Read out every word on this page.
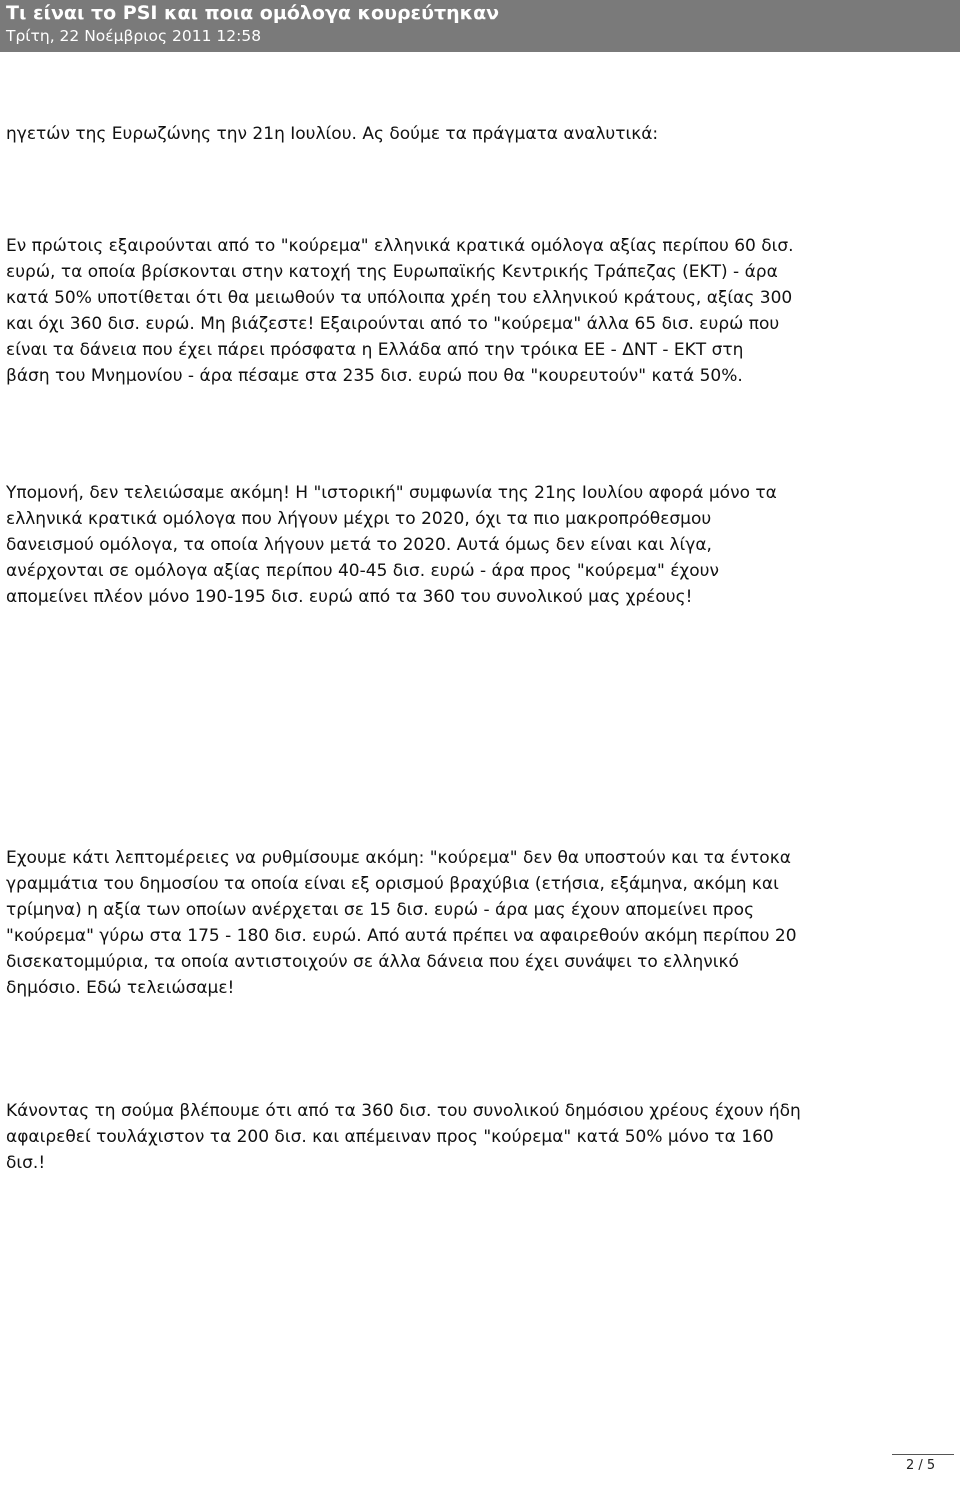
Τι είναι το PSI και ποια ομόλογα κουρεύτηκαν
Τρίτη, 22 Νοέμβριος 2011 12:58
ηγετών της Ευρωζώνης την 21η Ιουλίου. Ας δούμε τα πράγματα αναλυτικά:
Εν πρώτοις εξαιρούνται από το "κούρεμα" ελληνικά κρατικά ομόλογα αξίας περίπου 60 δισ.
ευρώ, τα οποία βρίσκονται στην κατοχή της Ευρωπαϊκής Κεντρικής Τράπεζας (ΕΚΤ) - άρα
κατά 50% υποτίθεται ότι θα μειωθούν τα υπόλοιπα χρέη του ελληνικού κράτους, αξίας 300
και όχι 360 δισ. ευρώ. Μη βιάζεστε! Εξαιρούνται από το "κούρεμα" άλλα 65 δισ. ευρώ που
είναι τα δάνεια που έχει πάρει πρόσφατα η Ελλάδα από την τρόικα ΕΕ - ΔΝΤ - ΕΚΤ στη
βάση του Μνημονίου - άρα πέσαμε στα 235 δισ. ευρώ που θα "κουρευτούν" κατά 50%.
Υπομονή, δεν τελειώσαμε ακόμη! Η "ιστορική" συμφωνία της 21ης Ιουλίου αφορά μόνο τα
ελληνικά κρατικά ομόλογα που λήγουν μέχρι το 2020, όχι τα πιο μακροπρόθεσμου
δανεισμού ομόλογα, τα οποία λήγουν μετά το 2020. Αυτά όμως δεν είναι και λίγα,
ανέρχονται σε ομόλογα αξίας περίπου 40-45 δισ. ευρώ - άρα προς "κούρεμα" έχουν
απομείνει πλέον μόνο 190-195 δισ. ευρώ από τα 360 του συνολικού μας χρέους!
Εχουμε κάτι λεπτομέρειες να ρυθμίσουμε ακόμη: "κούρεμα" δεν θα υποστούν και τα έντοκα
γραμμάτια του δημοσίου τα οποία είναι εξ ορισμού βραχύβια (ετήσια, εξάμηνα, ακόμη και
τρίμηνα) η αξία των οποίων ανέρχεται σε 15 δισ. ευρώ - άρα μας έχουν απομείνει προς
"κούρεμα" γύρω στα 175 - 180 δισ. ευρώ. Από αυτά πρέπει να αφαιρεθούν ακόμη περίπου 20
δισεκατομμύρια, τα οποία αντιστοιχούν σε άλλα δάνεια που έχει συνάψει το ελληνικό
δημόσιο. Εδώ τελειώσαμε!
Κάνοντας τη σούμα βλέπουμε ότι από τα 360 δισ. του συνολικού δημόσιου χρέους έχουν ήδη
αφαιρεθεί τουλάχιστον τα 200 δισ. και απέμειναν προς "κούρεμα" κατά 50% μόνο τα 160
δισ.!
2 / 5
